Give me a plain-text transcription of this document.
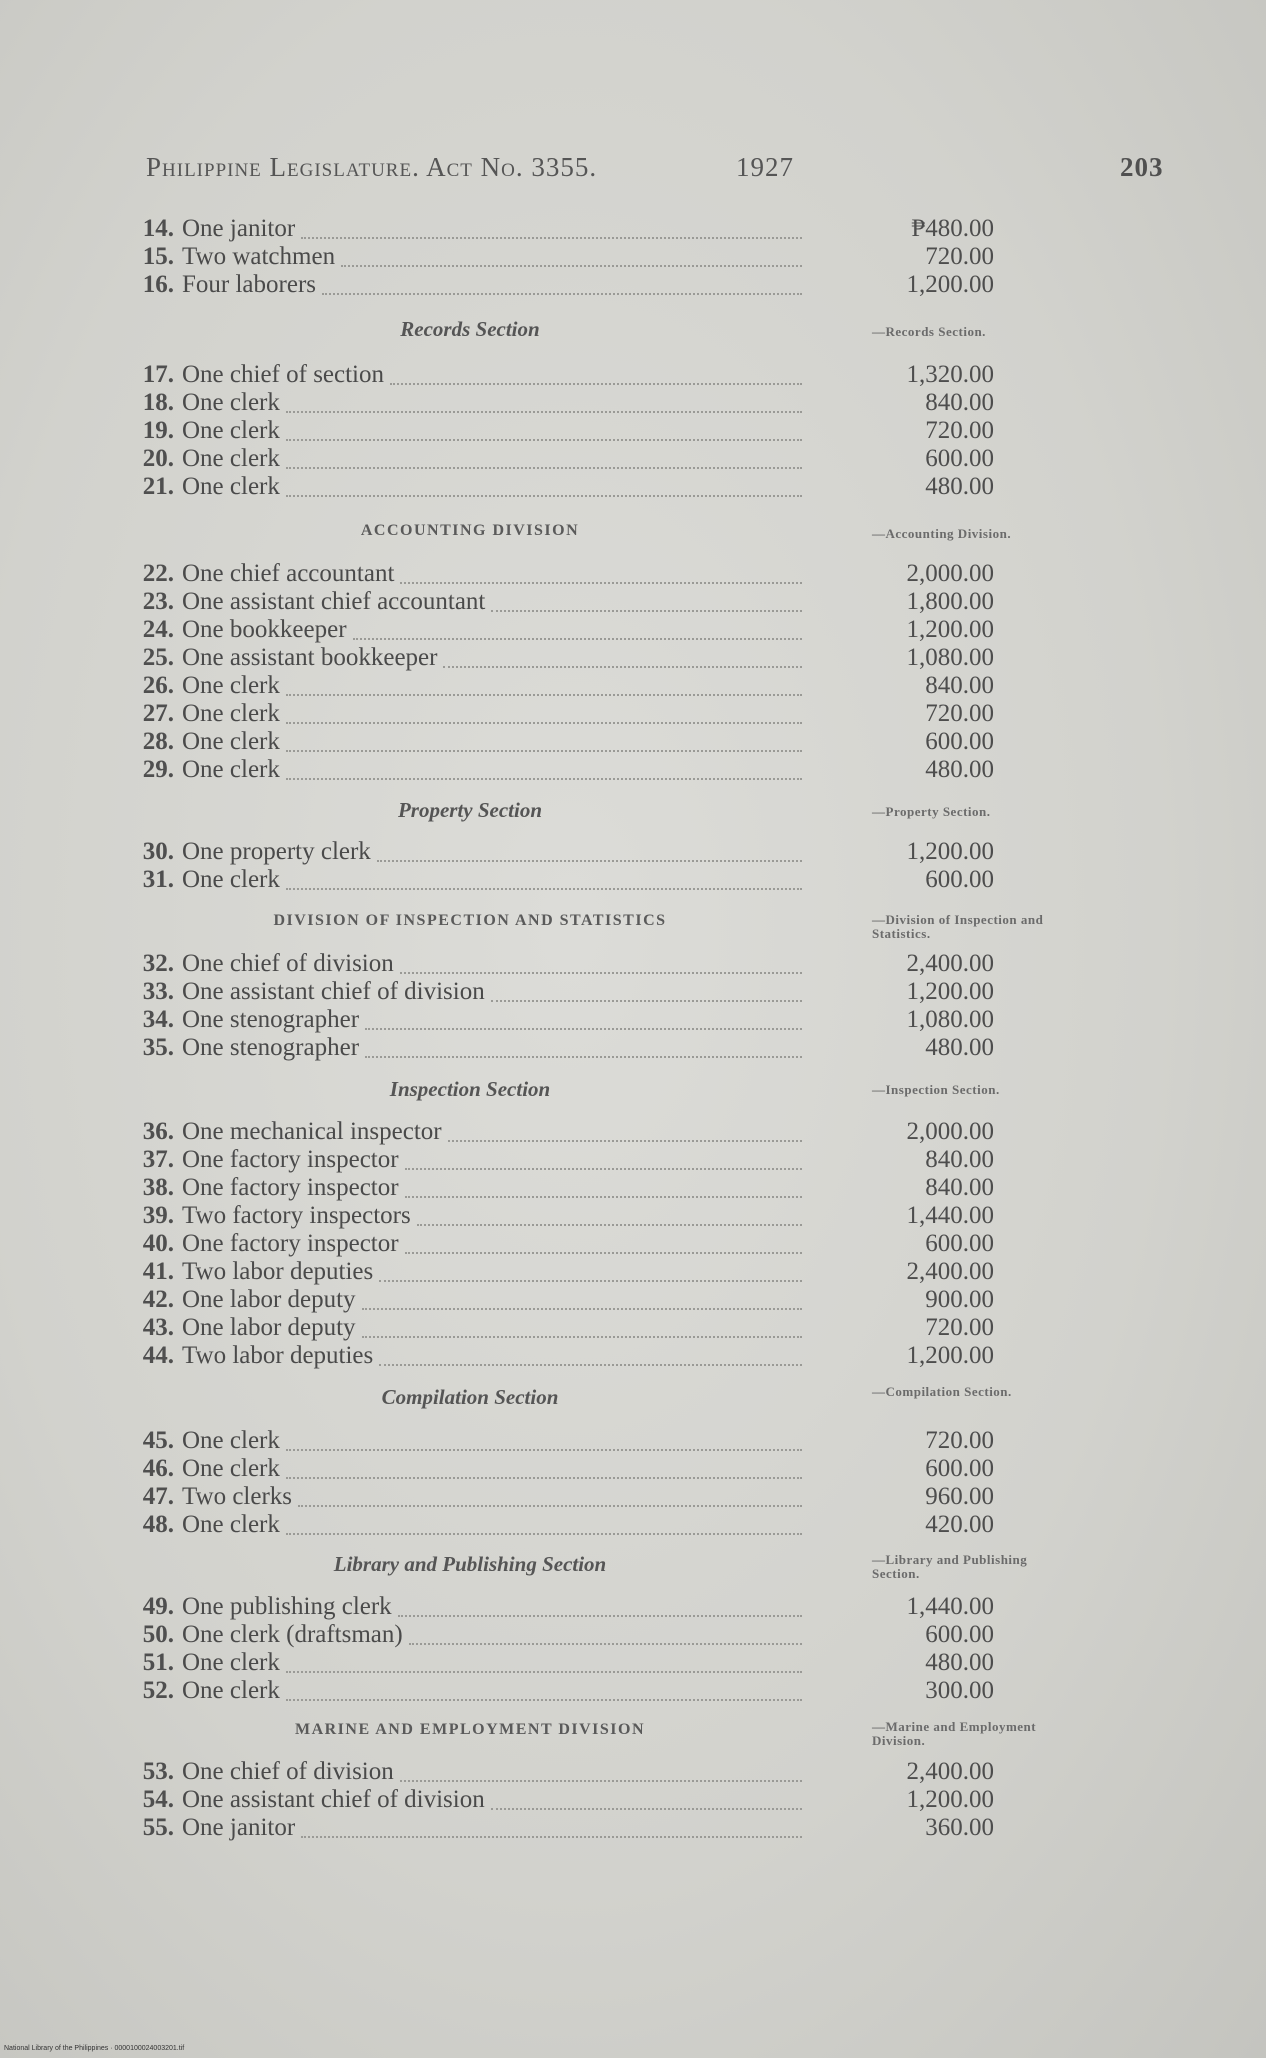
Philippine Legislature. Act No. 3355.	1927	203
14. One janitor	₱480.00
15. Two watchmen	720.00
16. Four laborers	1,200.00
Records Section	—Records Section.
17. One chief of section	1,320.00
18. One clerk	840.00
19. One clerk	720.00
20. One clerk	600.00
21. One clerk	480.00
ACCOUNTING DIVISION	—Accounting Division.
22. One chief accountant	2,000.00
23. One assistant chief accountant	1,800.00
24. One bookkeeper	1,200.00
25. One assistant bookkeeper	1,080.00
26. One clerk	840.00
27. One clerk	720.00
28. One clerk	600.00
29. One clerk	480.00
Property Section	—Property Section.
30. One property clerk	1,200.00
31. One clerk	600.00
DIVISION OF INSPECTION AND STATISTICS	—Division of Inspection and Statistics.
32. One chief of division	2,400.00
33. One assistant chief of division	1,200.00
34. One stenographer	1,080.00
35. One stenographer	480.00
Inspection Section	—Inspection Section.
36. One mechanical inspector	2,000.00
37. One factory inspector	840.00
38. One factory inspector	840.00
39. Two factory inspectors	1,440.00
40. One factory inspector	600.00
41. Two labor deputies	2,400.00
42. One labor deputy	900.00
43. One labor deputy	720.00
44. Two labor deputies	1,200.00
Compilation Section	—Compilation Section.
45. One clerk	720.00
46. One clerk	600.00
47. Two clerks	960.00
48. One clerk	420.00
Library and Publishing Section	—Library and Publishing Section.
49. One publishing clerk	1,440.00
50. One clerk (draftsman)	600.00
51. One clerk	480.00
52. One clerk	300.00
MARINE AND EMPLOYMENT DIVISION	—Marine and Employment Division.
53. One chief of division	2,400.00
54. One assistant chief of division	1,200.00
55. One janitor	360.00
National Library of the Philippines · 0000100024003201.tif
